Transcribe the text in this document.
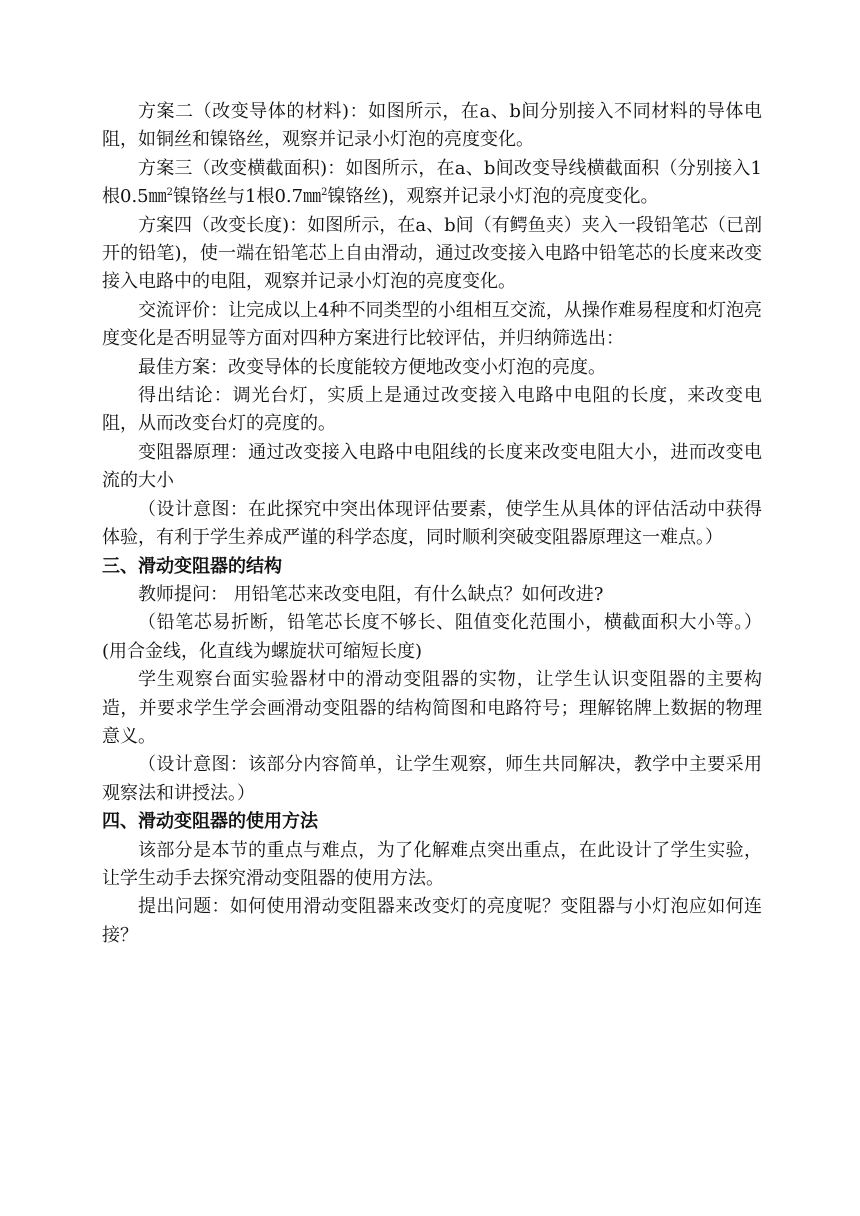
方案二（改变导体的材料)：如图所示，在a、b间分别接入不同材料的导体电阻，如铜丝和镍铬丝，观察并记录小灯泡的亮度变化。

方案三（改变横截面积)：如图所示，在a、b间改变导线横截面积（分别接入1根0.5㎜$^2$镍铬丝与1根0.7㎜$^2$镍铬丝)，观察并记录小灯泡的亮度变化。

方案四（改变长度)：如图所示，在a、b间（有鳄鱼夹）夹入一段铅笔芯（已剖开的铅笔)，使一端在铅笔芯上自由滑动，通过改变接入电路中铅笔芯的长度来改变接入电路中的电阻，观察并记录小灯泡的亮度变化。

交流评价：让完成以上4种不同类型的小组相互交流，从操作难易程度和灯泡亮度变化是否明显等方面对四种方案进行比较评估，并归纳筛选出：

最佳方案：改变导体的长度能较方便地改变小灯泡的亮度。

得出结论：调光台灯，实质上是通过改变接入电路中电阻的长度，来改变电阻，从而改变台灯的亮度的。

变阻器原理：通过改变接入电路中电阻线的长度来改变电阻大小，进而改变电流的大小

（设计意图：在此探究中突出体现评估要素，使学生从具体的评估活动中获得体验，有利于学生养成严谨的科学态度，同时顺利突破变阻器原理这一难点。）

三、滑动变阻器的结构

教师提问： 用铅笔芯来改变电阻，有什么缺点？如何改进?

（铅笔芯易折断，铅笔芯长度不够长、阻值变化范围小，横截面积大小等。）(用合金线，化直线为螺旋状可缩短长度)

学生观察台面实验器材中的滑动变阻器的实物，让学生认识变阻器的主要构造，并要求学生学会画滑动变阻器的结构简图和电路符号；理解铭牌上数据的物理意义。

（设计意图：该部分内容简单，让学生观察，师生共同解决，教学中主要采用观察法和讲授法。）

四、滑动变阻器的使用方法

该部分是本节的重点与难点，为了化解难点突出重点，在此设计了学生实验，让学生动手去探究滑动变阻器的使用方法。

提出问题：如何使用滑动变阻器来改变灯的亮度呢？变阻器与小灯泡应如何连接？
